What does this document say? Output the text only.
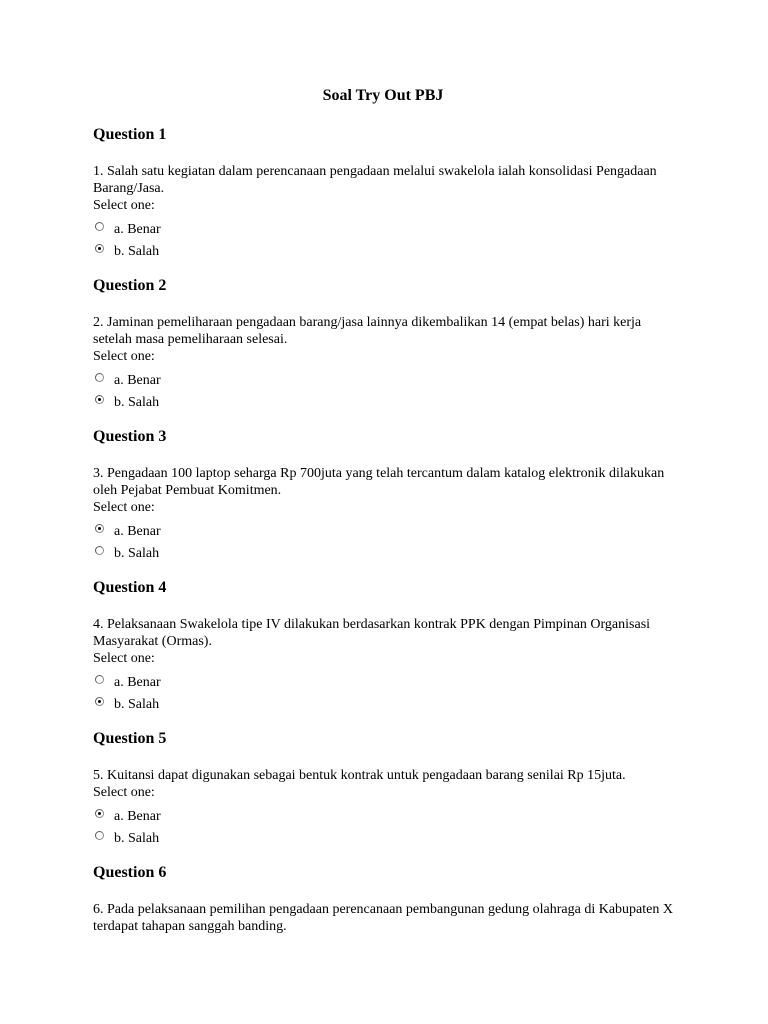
Soal Try Out PBJ
Question 1
1. Salah satu kegiatan dalam perencanaan pengadaan melalui swakelola ialah konsolidasi Pengadaan Barang/Jasa.
Select one:
a. Benar
b. Salah
Question 2
2. Jaminan pemeliharaan pengadaan barang/jasa lainnya dikembalikan 14 (empat belas) hari kerja setelah masa pemeliharaan selesai.
Select one:
a. Benar
b. Salah
Question 3
3. Pengadaan 100 laptop seharga Rp 700juta yang telah tercantum dalam katalog elektronik dilakukan oleh Pejabat Pembuat Komitmen.
Select one:
a. Benar
b. Salah
Question 4
4. Pelaksanaan Swakelola tipe IV dilakukan berdasarkan kontrak PPK dengan Pimpinan Organisasi Masyarakat (Ormas).
Select one:
a. Benar
b. Salah
Question 5
5. Kuitansi dapat digunakan sebagai bentuk kontrak untuk pengadaan barang senilai Rp 15juta.
Select one:
a. Benar
b. Salah
Question 6
6. Pada pelaksanaan pemilihan pengadaan perencanaan pembangunan gedung olahraga di Kabupaten X terdapat tahapan sanggah banding.
